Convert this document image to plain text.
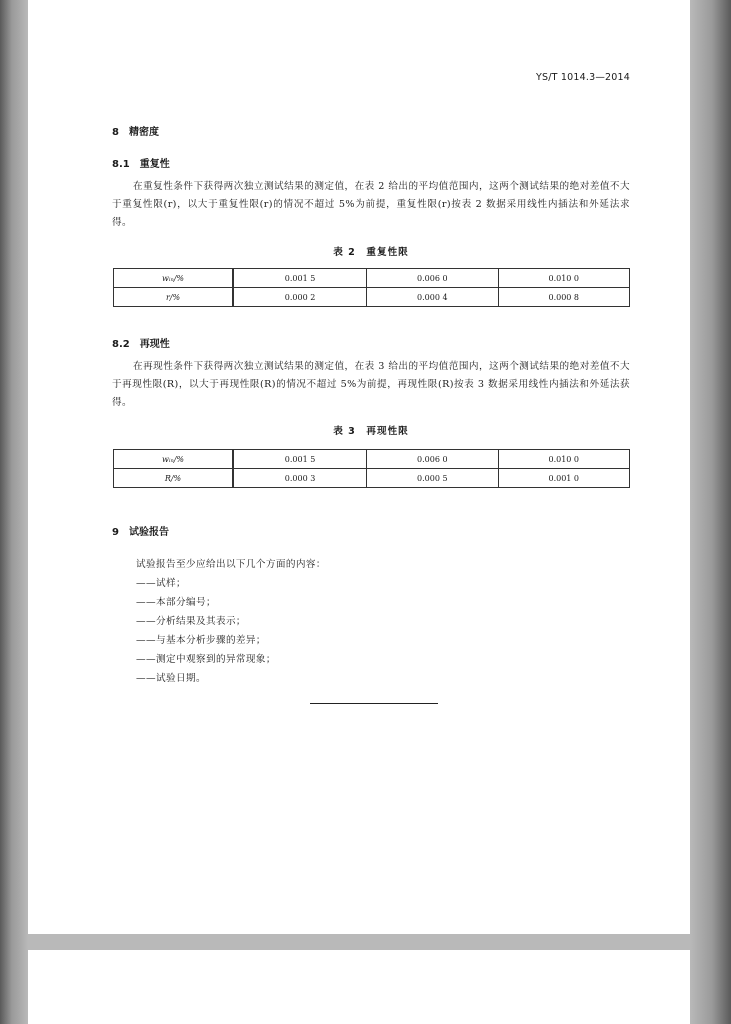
YS/T 1014.3—2014
8　精密度
8.1　重复性
在重复性条件下获得两次独立测试结果的测定值，在表 2 给出的平均值范围内，这两个测试结果的绝对差值不大于重复性限(r)，以大于重复性限(r)的情况不超过 5%为前提，重复性限(r)按表 2 数据采用线性内插法和外延法求得。
表 2　重复性限
wᵢₙ/%	0.001 5	0.006 0	0.010 0
r/%	0.000 2	0.000 4	0.000 8
8.2　再现性
在再现性条件下获得两次独立测试结果的测定值，在表 3 给出的平均值范围内，这两个测试结果的绝对差值不大于再现性限(R)，以大于再现性限(R)的情况不超过 5%为前提，再现性限(R)按表 3 数据采用线性内插法和外延法获得。
表 3　再现性限
wᵢₙ/%	0.001 5	0.006 0	0.010 0
R/%	0.000 3	0.000 5	0.001 0
9　试验报告
试验报告至少应给出以下几个方面的内容：
——试样；
——本部分编号；
——分析结果及其表示；
——与基本分析步骤的差异；
——测定中观察到的异常现象；
——试验日期。
